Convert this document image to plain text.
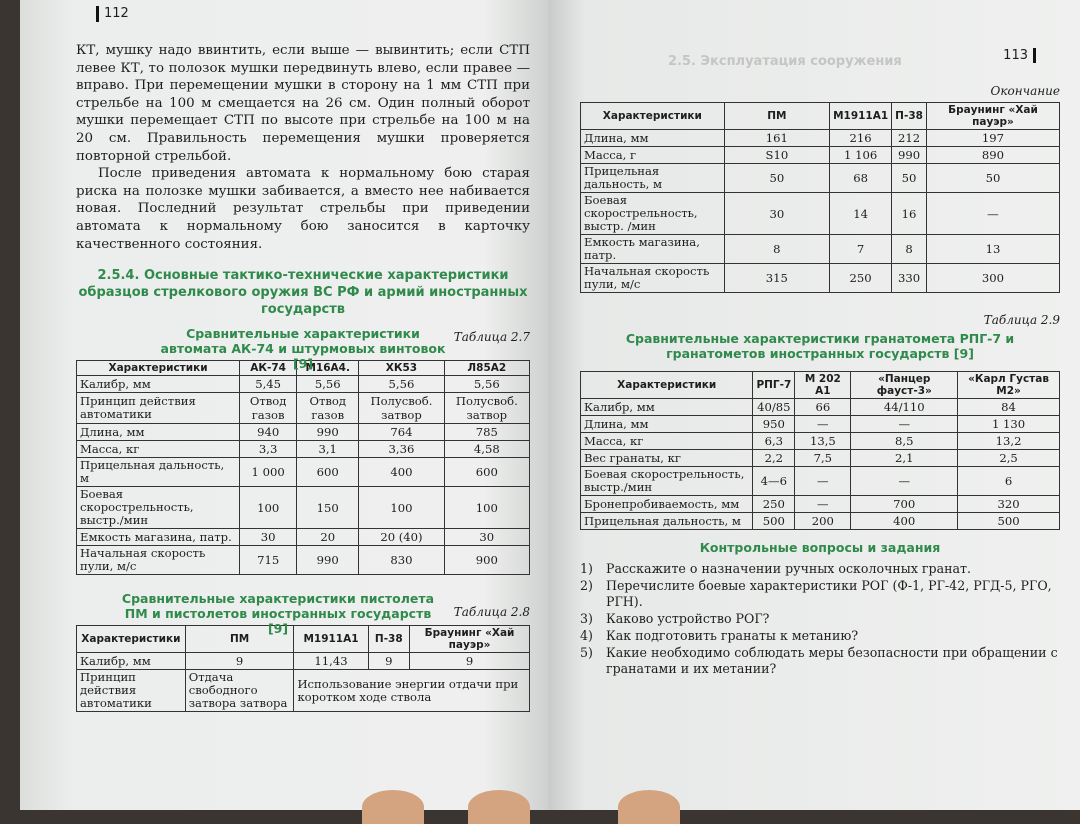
112

КТ, мушку надо ввинтить, если выше — вывинтить; если СТП левее КТ, то полозок мушки передвинуть влево, если правее — вправо. При перемещении мушки в сторону на 1 мм СТП при стрельбе на 100 м смещается на 26 см. Один полный оборот мушки перемещает СТП по высоте при стрельбе на 100 м на 20 см. Правильность перемещения мушки проверяется повторной стрельбой.

После приведения автомата к нормальному бою старая риска на полозке мушки забивается, а вместо нее набивается новая. Последний результат стрельбы при приведении автомата к нормальному бою заносится в карточку качественного состояния.

2.5.4. Основные тактико-технические характеристики образцов стрелкового оружия ВС РФ и армий иностранных государств
Сравнительные характеристики автомата АК-74 и штурмовых винтовок [9]
Таблица 2.7
Характеристики	АК-74	М16А4.	ХК53	Л85А2
Калибр, мм	5,45	5,56	5,56	5,56
Принцип действия автоматики	Отвод газов	Отвод газов	Полусвоб. затвор	Полусвоб. затвор
Длина, мм	940	990	764	785
Масса, кг	3,3	3,1	3,36	4,58
Прицельная дальность, м	1 000	600	400	600
Боевая скорострельность, выстр./мин	100	150	100	100
Емкость магазина, патр.	30	20	20 (40)	30
Начальная скорость пули, м/с	715	990	830	900
Сравнительные характеристики пистолета ПМ и пистолетов иностранных государств [9]
Таблица 2.8
Характеристики	ПМ	М1911А1	П-38	Браунинг «Хай пауэр»
Калибр, мм	9	11,43	9	9
Принцип действия автоматики	Отдача свободного затвора затвора	Использование энергии отдачи при коротком ходе ствола		
2.5. Эксплуатация сооружения	113
Окончание
Характеристики	ПМ	М1911А1	П-38	Браунинг «Хай пауэр»
Длина, мм	161	216	212	197
Масса, г	S10	1 106	990	890
Прицельная дальность, м	50	68	50	50
Боевая скорострельность, выстр. /мин	30	14	16	—
Емкость магазина, патр.	8	7	8	13
Начальная скорость пули, м/с	315	250	330	300
Таблица 2.9
Сравнительные характеристики гранатомета РПГ-7 и гранатометов иностранных государств [9]
Характеристики	РПГ-7	М 202 А1	«Панцер фауст-3»	«Карл Густав М2»
Калибр, мм	40/85	66	44/110	84
Длина, мм	950	—	—	1 130
Масса, кг	6,3	13,5	8,5	13,2
Вес гранаты, кг	2,2	7,5	2,1	2,5
Боевая скорострельность, выстр./мин	4—6	—	—	6
Бронепробиваемость, мм	250	—	700	320
Прицельная дальность, м	500	200	400	500
Контрольные вопросы и задания
1)	Расскажите о назначении ручных осколочных гранат.
2)	Перечислите боевые характеристики РОГ (Ф-1, РГ-42, РГД-5, РГО, РГН).
3)	Каково устройство РОГ?
4)	Как подготовить гранаты к метанию?
5)	Какие необходимо соблюдать меры безопасности при обращении с гранатами и их метании?
